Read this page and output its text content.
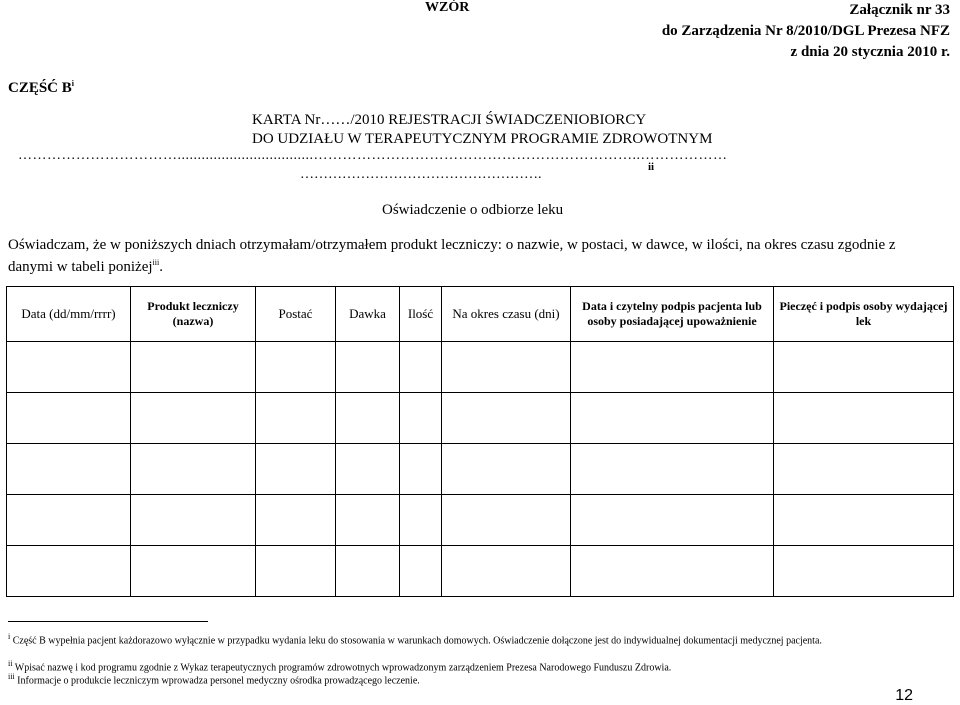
WZÓR	Załącznik nr 33
do Zarządzenia Nr 8/2010/DGL Prezesa NFZ
z dnia 20 stycznia 2010 r.
CZĘŚĆ $B^i$
KARTA Nr……/2010 REJESTRACJI ŚWIADCZENIOBIORCY
DO UDZIAŁU W TERAPEUTYCZNYM PROGRAMIE ZDROWOTNYM
……………………………..................................…………………………………………………………..………………
…………………………………………….	ii
Oświadczenie o odbiorze leku
Oświadczam, że w poniższych dniach otrzymałam/otrzymałem produkt leczniczy: o nazwie, w postaci, w dawce, w ilości, na okres czasu zgodnie z danymi w tabeli poniżej$^{iii}$.
Data (dd/mm/rrrr)	Produkt leczniczy (nazwa)	Postać	Dawka	Ilość	Na okres czasu (dni)	Data i czytelny podpis pacjenta lub osoby posiadającej upoważnienie	Pieczęć i podpis osoby wydającej lek

$^i$ Część B wypełnia pacjent każdorazowo wyłącznie w przypadku wydania leku do stosowania w warunkach domowych. Oświadczenie dołączone jest do indywidualnej dokumentacji medycznej pacjenta.
$^{ii}$ Wpisać nazwę i kod programu zgodnie z Wykaz terapeutycznych programów zdrowotnych wprowadzonym zarządzeniem Prezesa Narodowego Funduszu Zdrowia.
$^{iii}$ Informacje o produkcie leczniczym wprowadza personel medyczny ośrodka prowadzącego leczenie.
12
